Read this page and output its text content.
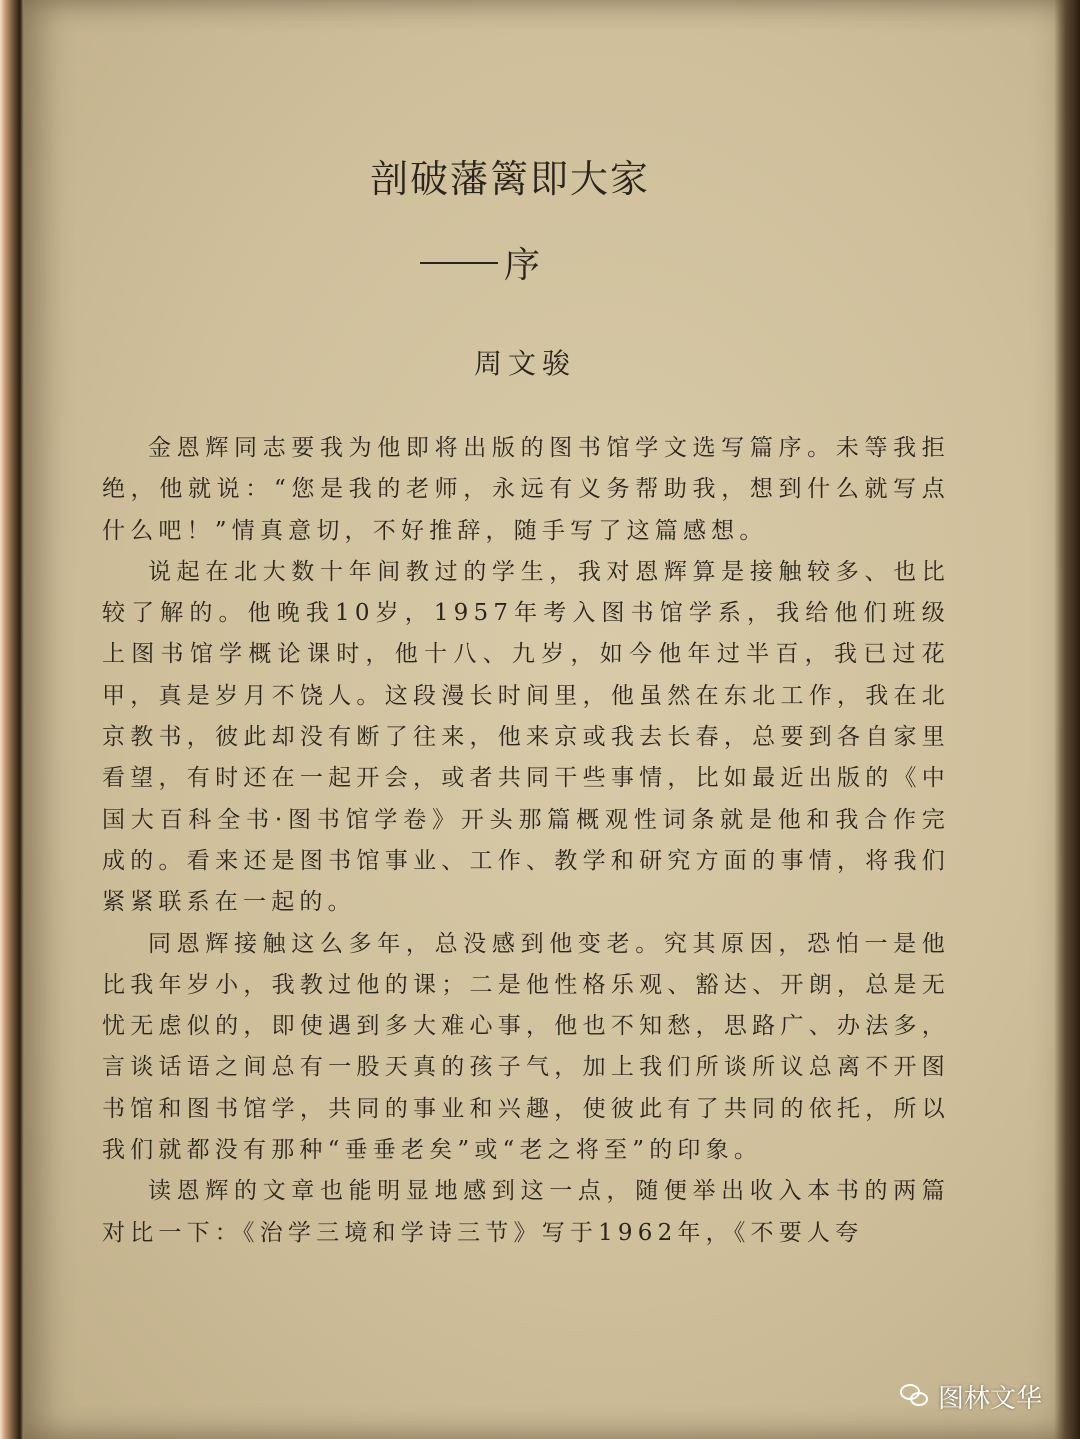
剖破藩篱即大家
序
周文骏

金恩辉同志要我为他即将出版的图书馆学文选写篇序。未等我拒绝，他就说：“您是我的老师，永远有义务帮助我，想到什么就写点什么吧！”情真意切，不好推辞，随手写了这篇感想。

说起在北大数十年间教过的学生，我对恩辉算是接触较多、也比较了解的。他晚我10岁，1957年考入图书馆学系，我给他们班级上图书馆学概论课时，他十八、九岁，如今他年过半百，我已过花甲，真是岁月不饶人。这段漫长时间里，他虽然在东北工作，我在北京教书，彼此却没有断了往来，他来京或我去长春，总要到各自家里看望，有时还在一起开会，或者共同干些事情，比如最近出版的《中国大百科全书·图书馆学卷》开头那篇概观性词条就是他和我合作完成的。看来还是图书馆事业、工作、教学和研究方面的事情，将我们紧紧联系在一起的。

同恩辉接触这么多年，总没感到他变老。究其原因，恐怕一是他比我年岁小，我教过他的课；二是他性格乐观、豁达、开朗，总是无忧无虑似的，即使遇到多大难心事，他也不知愁，思路广、办法多，言谈话语之间总有一股天真的孩子气，加上我们所谈所议总离不开图书馆和图书馆学，共同的事业和兴趣，使彼此有了共同的依托，所以我们就都没有那种“垂垂老矣”或“老之将至”的印象。

读恩辉的文章也能明显地感到这一点，随便举出收入本书的两篇对比一下：《治学三境和学诗三节》写于1962年，《不要人夸

图林文华
